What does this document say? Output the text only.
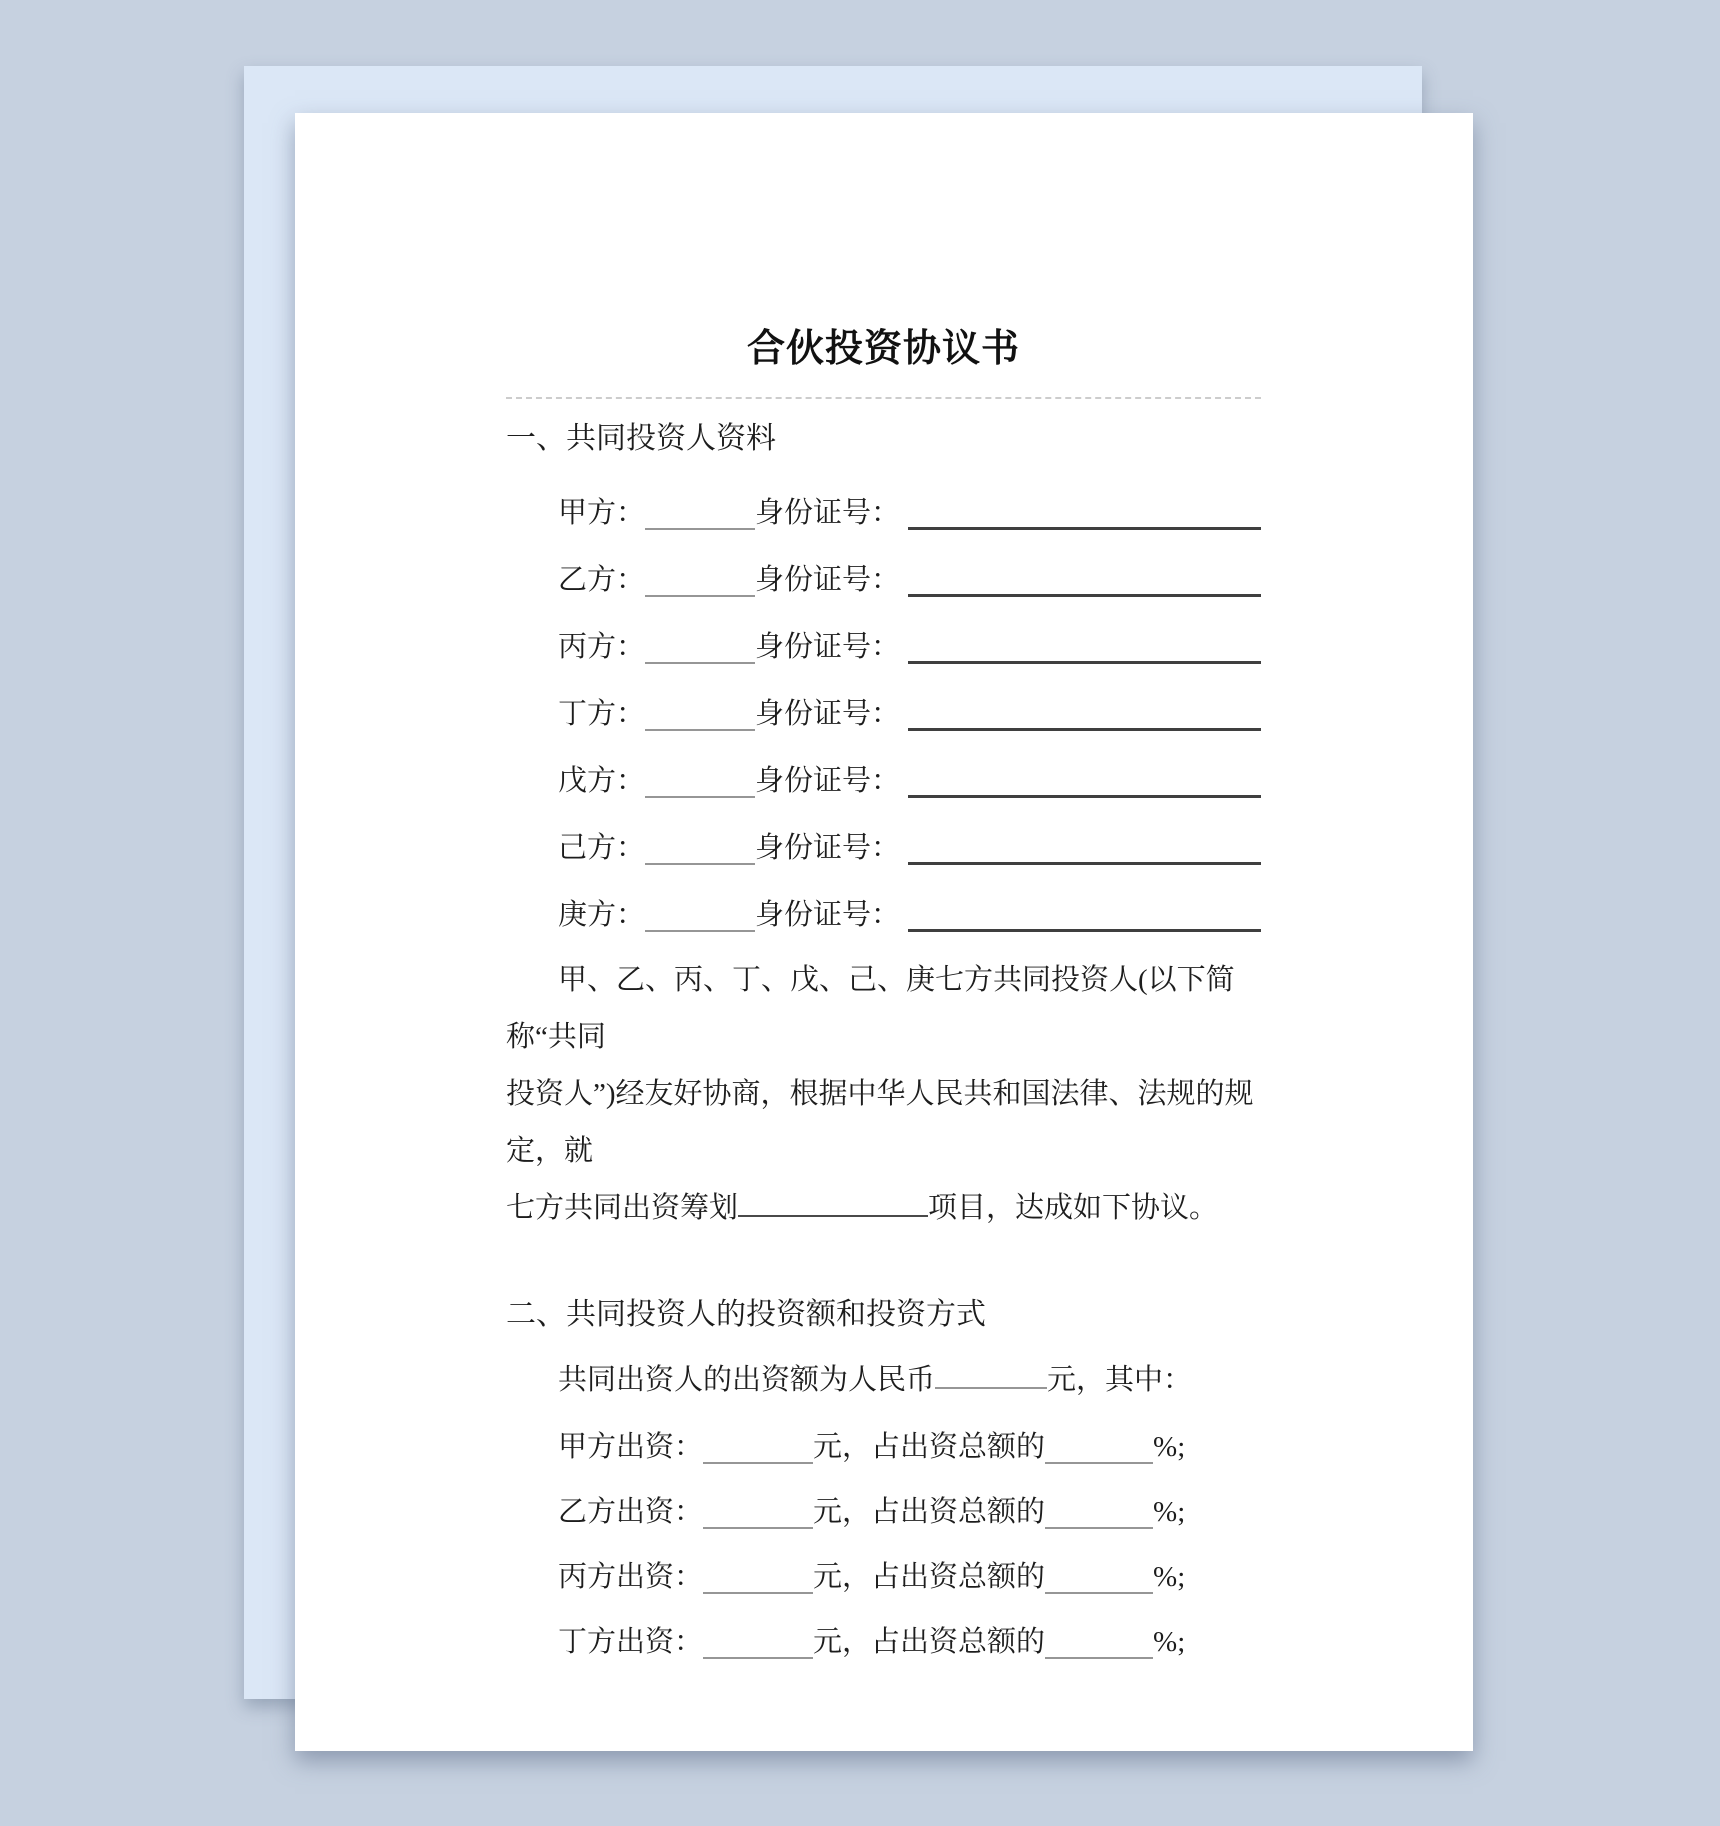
合伙投资协议书
一、共同投资人资料
甲方：	身份证号：
乙方：	身份证号：
丙方：	身份证号：
丁方：	身份证号：
戊方：	身份证号：
己方：	身份证号：
庚方：	身份证号：
甲、乙、丙、丁、戊、己、庚七方共同投资人(以下简称“共同
投资人”)经友好协商，根据中华人民共和国法律、法规的规定，就
七方共同出资筹划	项目，达成如下协议。
二、共同投资人的投资额和投资方式
共同出资人的出资额为人民币	元，其中：
甲方出资：	元，占出资总额的	%;
乙方出资：	元，占出资总额的	%;
丙方出资：	元，占出资总额的	%;
丁方出资：	元，占出资总额的	%;
